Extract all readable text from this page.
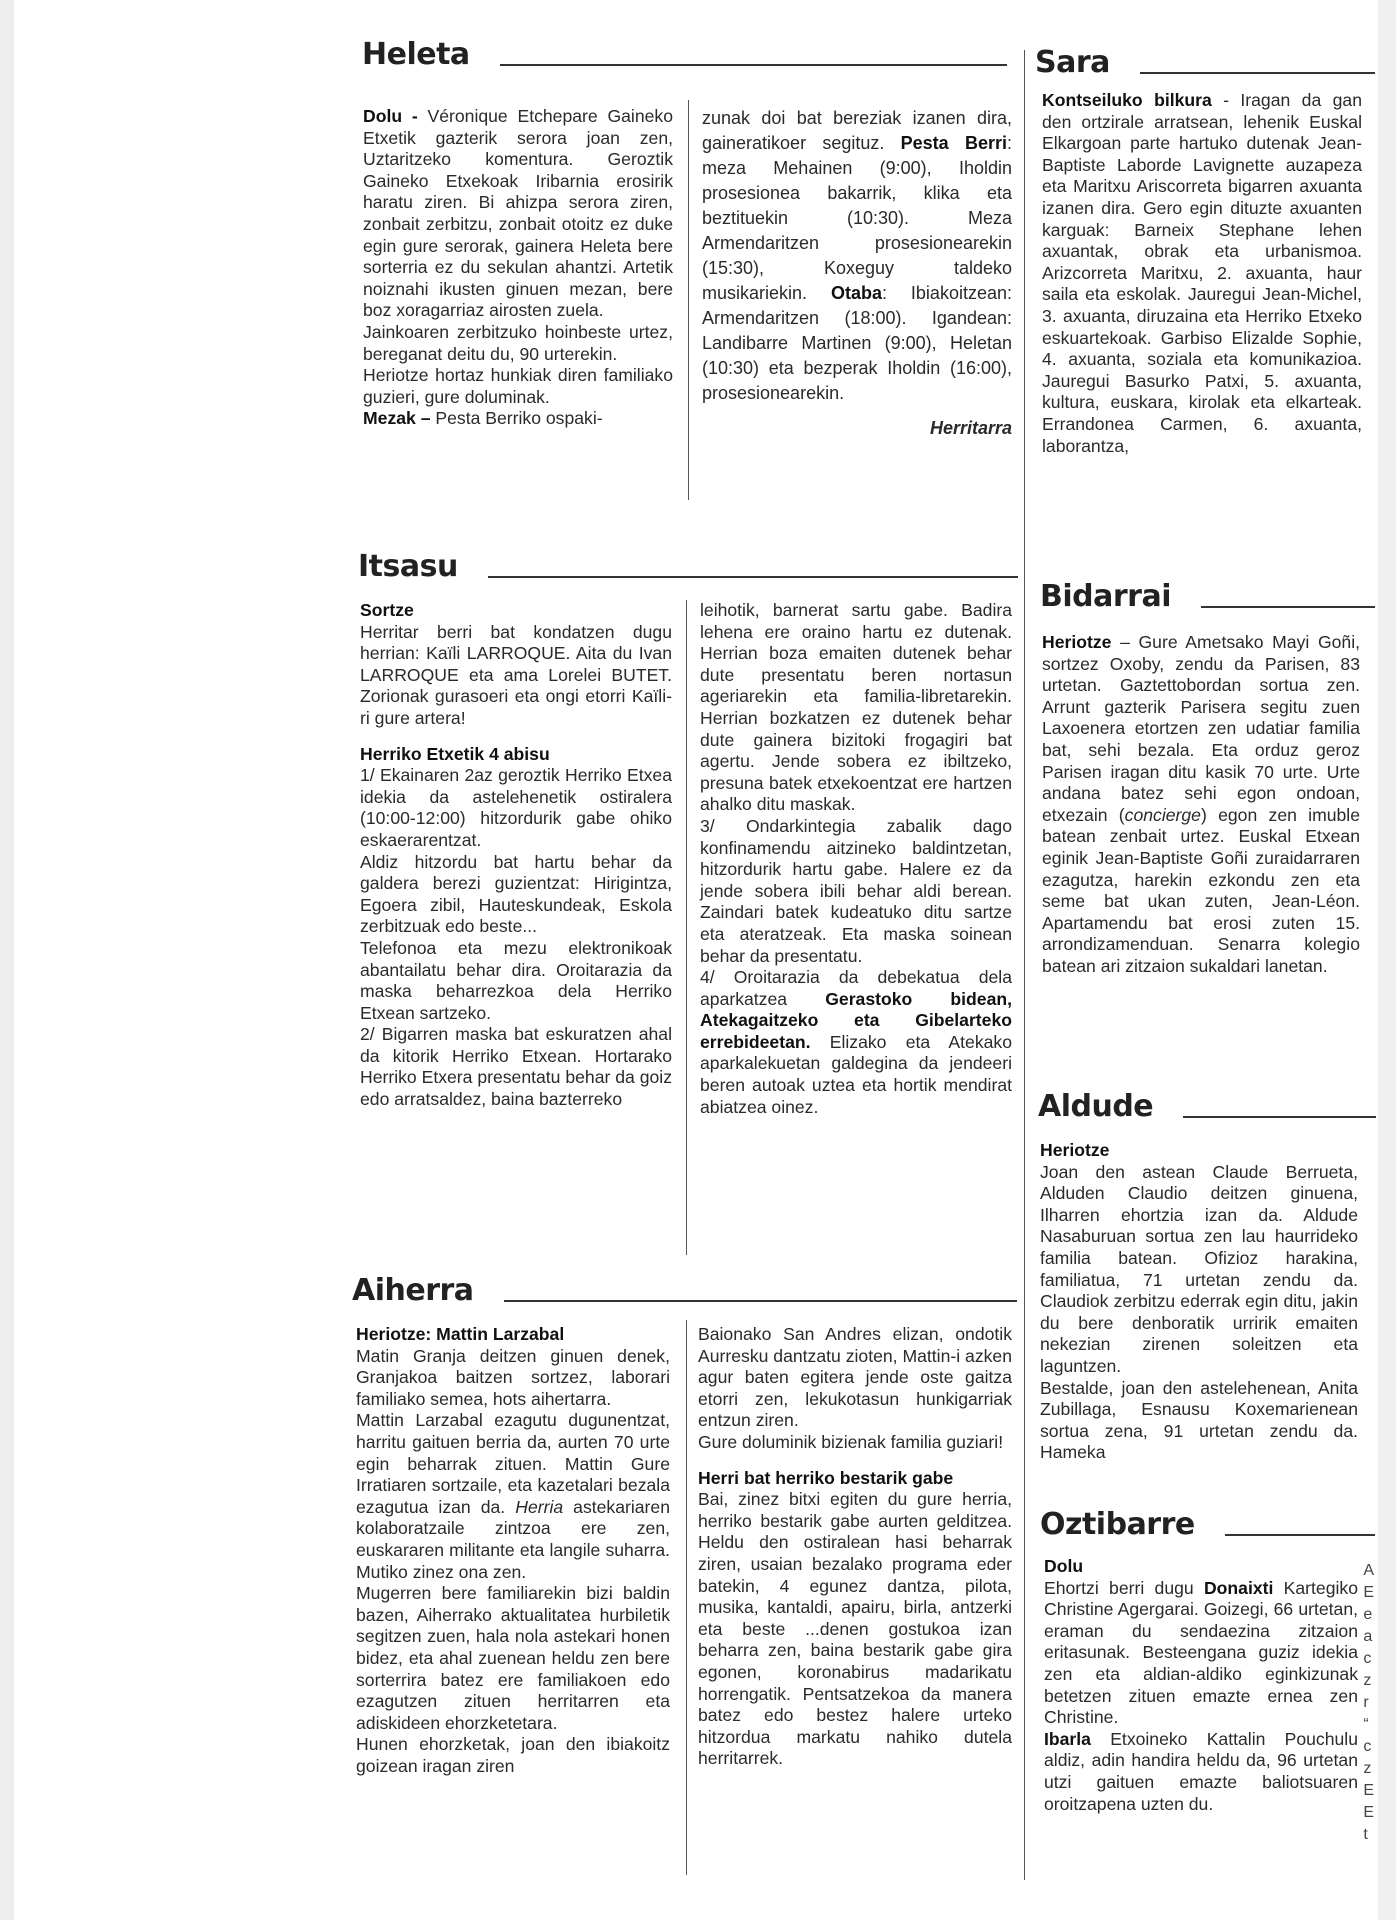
Heleta

Dolu - Véronique Etchepare Gaineko Etxetik gazterik serora joan zen, Uztaritzeko komentura. Geroztik Gaineko Etxekoak Iribarnia erosirik haratu ziren. Bi ahizpa serora ziren, zonbait zerbitzu, zonbait otoitz ez duke egin gure serorak, gainera Heleta bere sorterria ez du sekulan ahantzi. Artetik noiznahi ikusten ginuen mezan, bere boz xoragarriaz airosten zuela.

Jainkoaren zerbitzuko hoinbeste urtez, bereganat deitu du, 90 urterekin.

Heriotze hortaz hunkiak diren familiako guzieri, gure doluminak.

Mezak – Pesta Berriko ospaki-

zunak doi bat bereziak izanen dira, gaineratikoer segituz. Pesta Berri: meza Mehainen (9:00), Iholdin prosesionea bakarrik, klika eta beztituekin (10:30). Meza Armendaritzen prosesionearekin (15:30), Koxeguy taldeko musikariekin. Otaba: Ibiakoitzean: Armendaritzen (18:00). Igandean: Landibarre Martinen (9:00), Heletan (10:30) eta bezperak Iholdin (16:00), prosesionearekin.

Herritarra

Sara

Kontseiluko bilkura - Iragan da gan den ortzirale arratsean, lehenik Euskal Elkargoan parte hartuko dutenak Jean-Baptiste Laborde Lavignette auzapeza eta Maritxu Ariscorreta bigarren axuanta izanen dira. Gero egin dituzte axuanten karguak: Barneix Stephane lehen axuantak, obrak eta urbanismoa. Arizcorreta Maritxu, 2. axuanta, haur saila eta eskolak. Jauregui Jean-Michel, 3. axuanta, diruzaina eta Herriko Etxeko eskuartekoak. Garbiso Elizalde Sophie, 4. axuanta, soziala eta komunikazioa. Jauregui Basurko Patxi, 5. axuanta, kultura, euskara, kirolak eta elkarteak. Errandonea Carmen, 6. axuanta, laborantza,

Itsasu

Sortze

Herritar berri bat kondatzen dugu herrian: Kaïli LARROQUE. Aita du Ivan LARROQUE eta ama Lorelei BUTET. Zorionak gurasoeri eta ongi etorri Kaïli-ri gure artera!

Herriko Etxetik 4 abisu

1/ Ekainaren 2az geroztik Herriko Etxea idekia da astelehenetik ostiralera (10:00-12:00) hitzordurik gabe ohiko eskaerarentzat.

Aldiz hitzordu bat hartu behar da galdera berezi guzientzat: Hirigintza, Egoera zibil, Hauteskundeak, Eskola zerbitzuak edo beste...

Telefonoa eta mezu elektronikoak abantailatu behar dira. Oroitarazia da maska beharrezkoa dela Herriko Etxean sartzeko.

2/ Bigarren maska bat eskuratzen ahal da kitorik Herriko Etxean. Hortarako Herriko Etxera presentatu behar da goiz edo arratsaldez, baina bazterreko

leihotik, barnerat sartu gabe. Badira lehena ere oraino hartu ez dutenak. Herrian boza emaiten dutenek behar dute presentatu beren nortasun ageriarekin eta familia-libretarekin. Herrian bozkatzen ez dutenek behar dute gainera bizitoki frogagiri bat agertu. Jende sobera ez ibiltzeko, presuna batek etxekoentzat ere hartzen ahalko ditu maskak.

3/ Ondarkintegia zabalik dago konfinamendu aitzineko baldintzetan, hitzordurik hartu gabe. Halere ez da jende sobera ibili behar aldi berean. Zaindari batek kudeatuko ditu sartze eta ateratzeak. Eta maska soinean behar da presentatu.

4/ Oroitarazia da debekatua dela aparkatzea Gerastoko bidean, Atekagaitzeko eta Gibelarteko errebideetan. Elizako eta Atekako aparkalekuetan galdegina da jendeeri beren autoak uztea eta hortik mendirat abiatzea oinez.

Bidarrai

Heriotze – Gure Ametsako Mayi Goñi, sortzez Oxoby, zendu da Parisen, 83 urtetan. Gaztettobordan sortua zen. Arrunt gazterik Parisera segitu zuen Laxoenera etortzen zen udatiar familia bat, sehi bezala. Eta orduz geroz Parisen iragan ditu kasik 70 urte. Urte andana batez sehi egon ondoan, etxezain (concierge) egon zen imuble batean zenbait urtez. Euskal Etxean eginik Jean-Baptiste Goñi zuraidarraren ezagutza, harekin ezkondu zen eta seme bat ukan zuten, Jean-Léon. Apartamendu bat erosi zuten 15. arrondizamenduan. Senarra kolegio batean ari zitzaion sukaldari lanetan.

Aldude

Heriotze

Joan den astean Claude Berrueta, Alduden Claudio deitzen ginuena, Ilharren ehortzia izan da. Aldude Nasaburuan sortua zen lau haurrideko familia batean. Ofizioz harakina, familiatua, 71 urtetan zendu da. Claudiok zerbitzu ederrak egin ditu, jakin du bere denboratik urririk emaiten nekezian zirenen soleitzen eta laguntzen.

Bestalde, joan den astelehenean, Anita Zubillaga, Esnausu Koxemarienean sortua zena, 91 urtetan zendu da. Hameka

Aiherra

Heriotze: Mattin Larzabal

Matin Granja deitzen ginuen denek, Granjakoa baitzen sortzez, laborari familiako semea, hots aihertarra.

Mattin Larzabal ezagutu dugunentzat, harritu gaituen berria da, aurten 70 urte egin beharrak zituen. Mattin Gure Irratiaren sortzaile, eta kazetalari bezala ezagutua izan da. Herria astekariaren kolaboratzaile zintzoa ere zen, euskararen militante eta langile suharra. Mutiko zinez ona zen.

Mugerren bere familiarekin bizi baldin bazen, Aiherrako aktualitatea hurbiletik segitzen zuen, hala nola astekari honen bidez, eta ahal zuenean heldu zen bere sorterrira batez ere familiakoen edo ezagutzen zituen herritarren eta adiskideen ehorzketetara.

Hunen ehorzketak, joan den ibiakoitz goizean iragan ziren

Baionako San Andres elizan, ondotik Aurresku dantzatu zioten, Mattin-i azken agur baten egitera jende oste gaitza etorri zen, lekukotasun hunkigarriak entzun ziren.

Gure doluminik bizienak familia guziari!

Herri bat herriko bestarik gabe

Bai, zinez bitxi egiten du gure herria, herriko bestarik gabe aurten gelditzea. Heldu den ostiralean hasi beharrak ziren, usaian bezalako programa eder batekin, 4 egunez dantza, pilota, musika, kantaldi, apairu, birla, antzerki eta beste ...denen gostukoa izan beharra zen, baina bestarik gabe gira egonen, koronabirus madarikatu horrengatik. Pentsatzekoa da manera batez edo bestez halere urteko hitzordua markatu nahiko dutela herritarrek.

Oztibarre

Dolu

Ehortzi berri dugu Donaixti Kartegiko Christine Agergarai. Goizegi, 66 urtetan, eraman du sendaezina zitzaion eritasunak. Besteengana guziz idekia zen eta aldian-aldiko eginkizunak betetzen zituen emazte ernea zen Christine.

Ibarla Etxoineko Kattalin Pouchulu aldiz, adin handira heldu da, 96 urtetan utzi gaituen emazte baliotsuaren oroitzapena uzten du.

A
E
e
a
c
z
r
“
c
z
E
E
t
